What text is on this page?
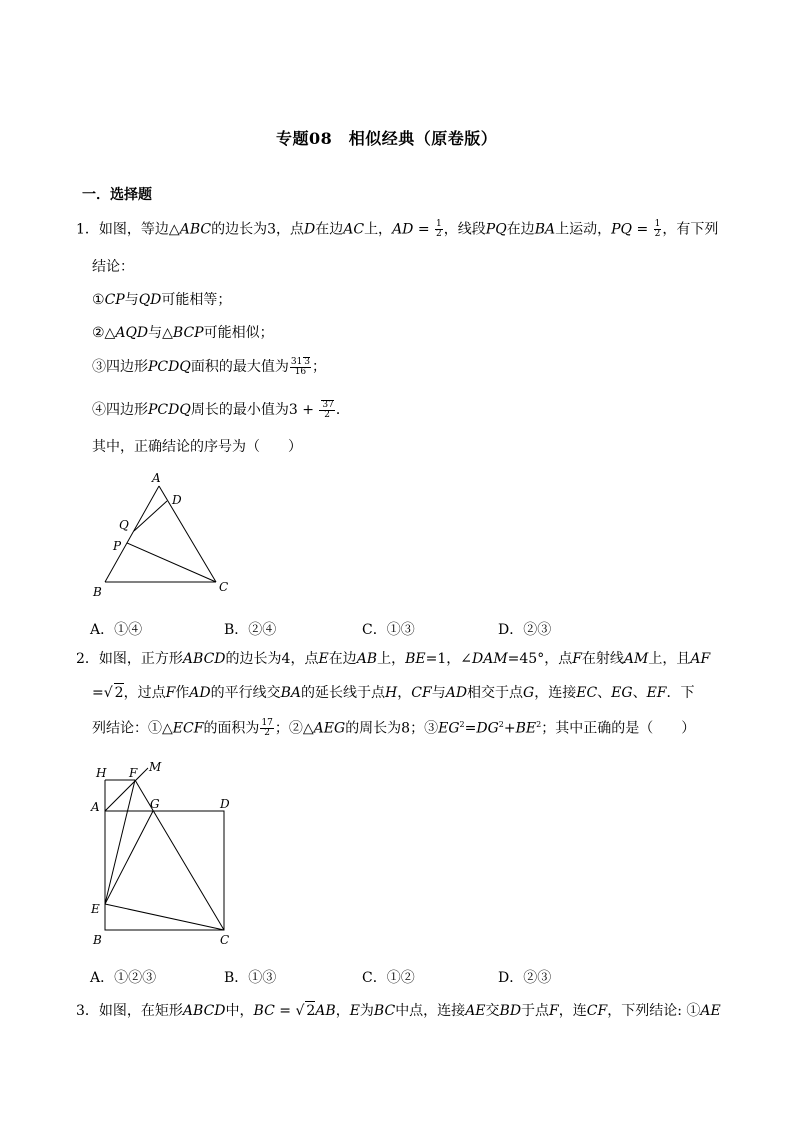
专题08　相似经典（原卷版）
一．选择题
1．如图，等边△ABC的边长为3，点D在边AC上，AD = $\frac{1}{2}$ ，线段PQ在边BA上运动，PQ = $\frac{1}{2}$ ，有下列
结论：
①CP与QD可能相等；
②△AQD与△BCP可能相似；
③四边形PCDQ面积的最大值为 $\frac{31 3}{16}$ ；
④四边形PCDQ周长的最小值为$3 + \frac{37}{2}$ ．
其中，正确结论的序号为（　　）
A
D
Q
P
B	C
A．①④	B．②④	C．①③	D．②③
2．如图，正方形ABCD的边长为4，点E在边AB上，BE=1，∠DAM=45°，点F在射线AM上，且AF
=√ 2，过点F作AD的平行线交BA的延长线于点H，CF与AD相交于点G，连接EC、EG、EF．下
列结论：①△ECF的面积为 $\frac{17}{2}$ ；②△AEG的周长为8；$③EG^2=DG^2+BE^2$；其中正确的是（　　）
H F M
A	G	D
E
B	C
A．①②③	B．①③	C．①②	D．②③
3．如图，在矩形ABCD中，BC = √ 2AB，E为BC中点，连接AE交BD于点F，连CF，下列结论: ①AE
